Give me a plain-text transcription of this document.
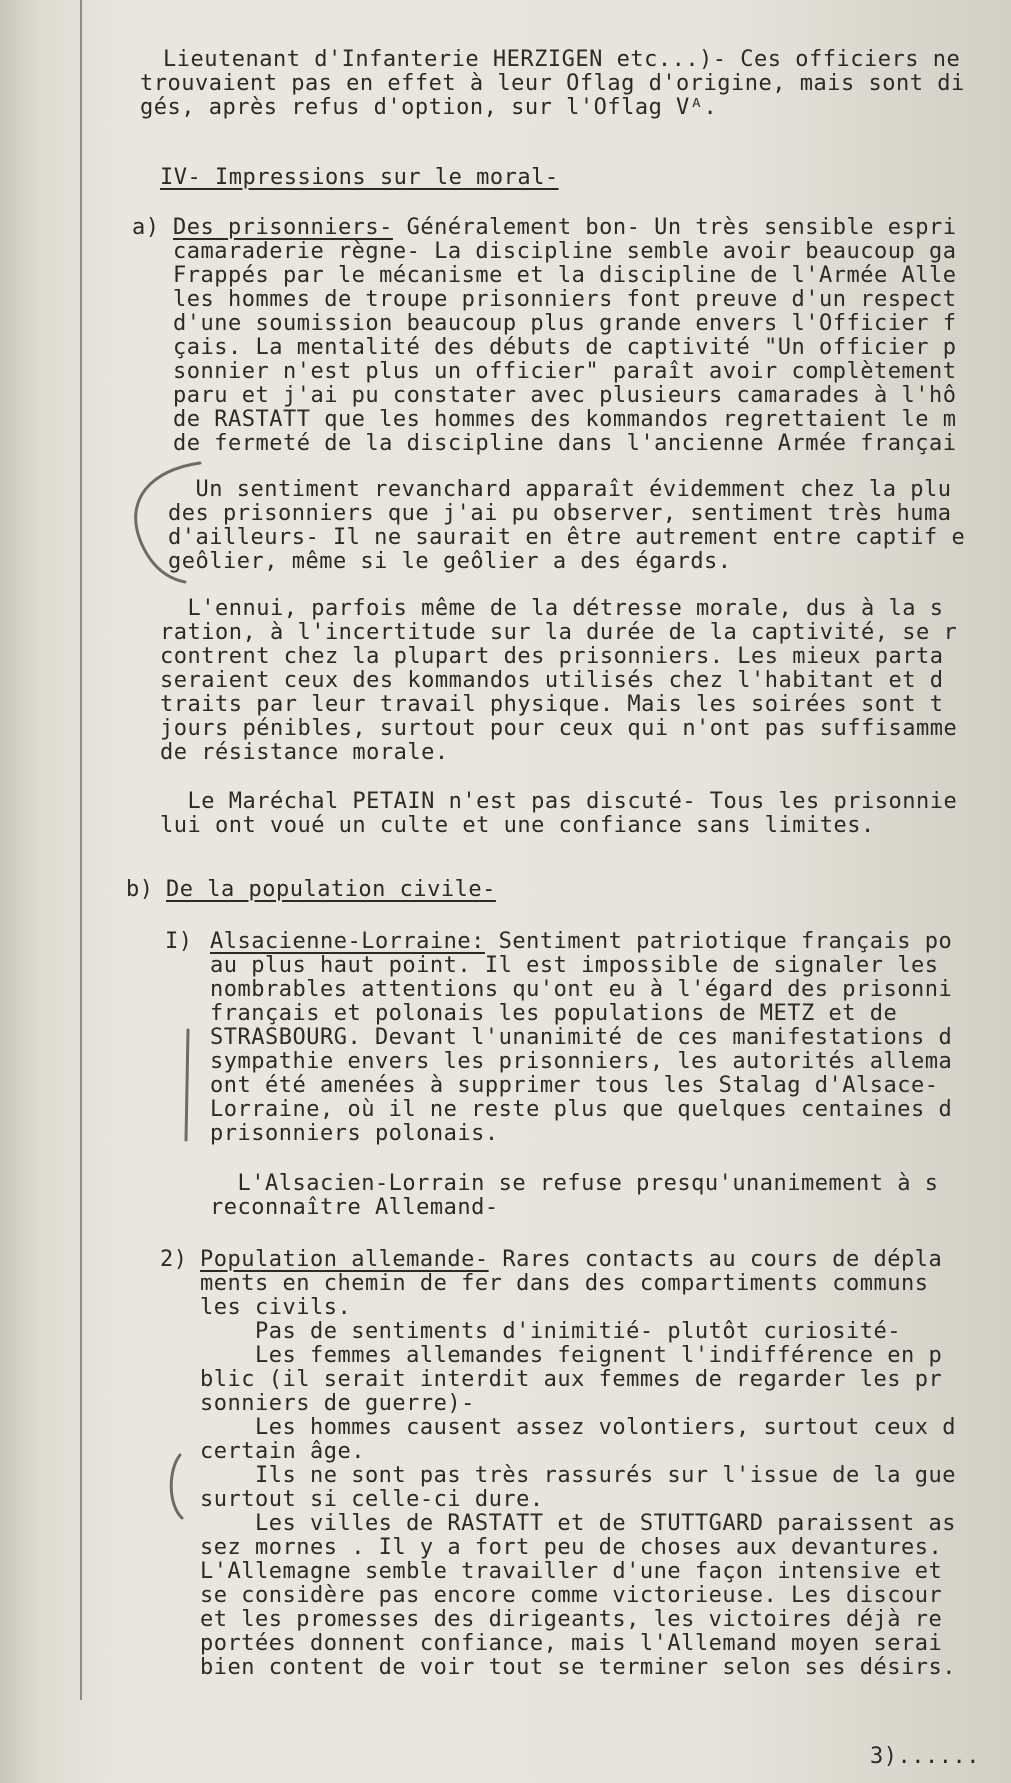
Lieutenant d'Infanterie HERZIGEN etc...)- Ces officiers ne

trouvaient pas en effet à leur Oflag d'origine, mais sont di

gés, après refus d'option, sur l'Oflag Vᴬ.

IV- Impressions sur le moral-

a)

Des prisonniers- Généralement bon- Un très sensible espri

camaraderie règne- La discipline semble avoir beaucoup ga

Frappés par le mécanisme et la discipline de l'Armée Alle

les hommes de troupe prisonniers font preuve d'un respect

d'une soumission beaucoup plus grande envers l'Officier f

çais. La mentalité des débuts de captivité "Un officier p

sonnier n'est plus un officier" paraît avoir complètement

paru et j'ai pu constater avec plusieurs camarades à l'hô

de RASTATT que les hommes des kommandos regrettaient le m

de fermeté de la discipline dans l'ancienne Armée françai

Un sentiment revanchard apparaît évidemment chez la plu

des prisonniers que j'ai pu observer, sentiment très huma

d'ailleurs- Il ne saurait en être autrement entre captif e

geôlier, même si le geôlier a des égards.

L'ennui, parfois même de la détresse morale, dus à la s

ration, à l'incertitude sur la durée de la captivité, se r

contrent chez la plupart des prisonniers. Les mieux parta

seraient ceux des kommandos utilisés chez l'habitant et d

traits par leur travail physique. Mais les soirées sont t

jours pénibles, surtout pour ceux qui n'ont pas suffisamme

de résistance morale.

Le Maréchal PETAIN n'est pas discuté- Tous les prisonnie

lui ont voué un culte et une confiance sans limites.

b)

De la population civile-

I)

Alsacienne-Lorraine: Sentiment patriotique français po

au plus haut point. Il est impossible de signaler les

nombrables attentions qu'ont eu à l'égard des prisonni

français et polonais les populations de METZ et de

STRASBOURG. Devant l'unanimité de ces manifestations d

sympathie envers les prisonniers, les autorités allema

ont été amenées à supprimer tous les Stalag d'Alsace-

Lorraine, où il ne reste plus que quelques centaines d

prisonniers polonais.

L'Alsacien-Lorrain se refuse presqu'unanimement à s

reconnaître Allemand-

2)

Population allemande- Rares contacts au cours de dépla

ments en chemin de fer dans des compartiments communs

les civils.

Pas de sentiments d'inimitié- plutôt curiosité-

Les femmes allemandes feignent l'indifférence en p

blic (il serait interdit aux femmes de regarder les pr

sonniers de guerre)-

Les hommes causent assez volontiers, surtout ceux d

certain âge.

Ils ne sont pas très rassurés sur l'issue de la gue

surtout si celle-ci dure.

Les villes de RASTATT et de STUTTGARD paraissent as

sez mornes . Il y a fort peu de choses aux devantures.

L'Allemagne semble travailler d'une façon intensive et

se considère pas encore comme victorieuse. Les discour

et les promesses des dirigeants, les victoires déjà re

portées donnent confiance, mais l'Allemand moyen serai

bien content de voir tout se terminer selon ses désirs.

3)......
